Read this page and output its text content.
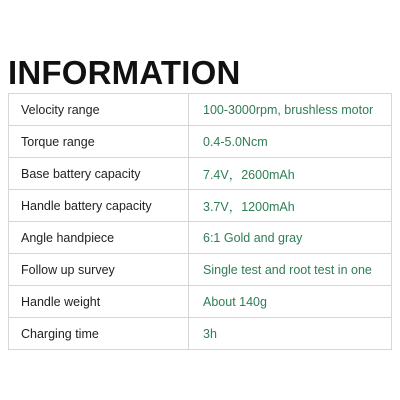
INFORMATION
Velocity range	100-3000rpm, brushless motor
Torque range	0.4-5.0Ncm
Base battery capacity	7.4V，2600mAh
Handle battery capacity	3.7V，1200mAh
Angle handpiece	6:1 Gold and gray
Follow up survey	Single test and root test in one
Handle weight	About 140g
Charging time	3h
